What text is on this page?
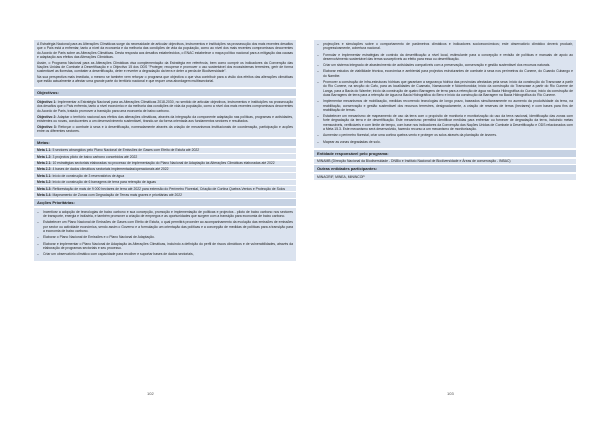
A Estratégia Nacional para as Alterações Climáticas surge da necessidade de articular objectivos, instrumentos e instituições na prossecução dos mais recentes desafios que o País está a enfrentar, tanto a nível da economia e da melhoria das condições de vida da população, como ao nível dos mais recentes compromissos decorrentes do Acordo de Paris sobre as Alterações Climáticas. Desta resposta aos desafios estabelecidos, o ENAC estabelece o mapa político nacional para a mitigação das causas e adaptação aos efeitos das Alterações Climáticas.

Assim, o Programa Nacional para as Alterações Climáticas visa complementação da Estratégia em referência, bem como cumprir os indicadores da Convenção das Nações Unidas de Combate à Desertificação e o Objectivo 15 dos ODS "Proteger, recuperar e promover o uso sustentável dos ecossistemas terrestres, gerir de forma sustentável as florestas, combater a desertificação, deter e reverter a degradação da terra e deter a perda de Biodiversidade".

Na sua perspectiva mais imediata, o mesmo se também vem reforçar o programa que objectiva o que visa contribuir para a visão dos efeitos das alterações climáticas que estão actualmente a afectar uma grande parte do território nacional e que requer uma abordagem multissectorial.

Objectivos:

Objectivo 1: Implementar a Estratégia Nacional para as Alterações Climáticas 2018-2030, no sentido de articular objectivos, instrumentos e instituições na prossecução dos desafios que o País enfrenta, tanto a nível económico e da melhoria das condições de vida da população, como a nível dos mais recentes compromissos decorrentes do Acordo de Paris, tratado promover a transição para uma economia de baixo carbono.

Objectivo 2: Adaptar o território nacional aos efeitos das alterações climáticas, através da integração da componente adaptação nas políticas, programas e actividades, existentes ou novas, conducentes a um desenvolvimento sustentável, tirando-se da forma orientada aos fundamentos sectores e resultados.

Objectivo 3: Reforçar o combate à seca e à desertificação, nomeadamente através da criação de mecanismos institucionais de coordenação, participação e acções entre os diferentes sectores.

Metas:
Meta 1.1: 5 sectores abrangidos pelo Plano Nacional de Emissões de Gases com Efeito de Estufa até 2022
Meta 1.2: 3 projectos piloto de baixo carbono concebidos até 2022
Meta 2.1: 10 estratégias sectoriais elaboradas no processo de implementação do Plano Nacional de Adaptação às Alterações Climáticas elaboradas até 2022
Meta 2.2: 4 bases de dados climáticos sectoriais implementadas/operacionais até 2022
Meta 3.1: Início de construção de 3 reservatórios de água
Meta 3.2: Início de construção de 6 barragens de terra para retenção de águas
Meta 3.3: Reflorestação de mais de 9 000 hectares de terra até 2022 para extensão do Perímetro Florestal, Criação de Cortina Quebra-Ventos e Protecção de Solos
Meta 3.4: Mapeamento de Zonas com Degradação de Terras mais graves e prioritárias até 2022
Acções Prioritárias:
– Incentivar a adopção de tecnologias de baixo carbono e sua concepção, promoção e implementação de políticas e projectos - piloto de baixo carbono nos sectores de transporte, energia e indústria, e também promover a criação de empregos e as oportunidades que surgem com a transição para economia de baixo carbono.
– Estabelecer um Plano Nacional de Emissões de Gases com Efeito de Estufa, o qual permitirá proceder ao acompanhamento da evolução das emissões de emissões por sector ou actividade económica, sendo assim o Governo e a formulação um orientação das políticas e a concepção de medidas de políticas para a transição para a economia de baixo carbono.
– Elaborar o Plano Nacional de Emissões e o Plano Nacional de Adaptação.
– Elaborar e implementar o Plano Nacional de Adaptação às Alterações Climáticas, incluindo a definição do perfil de riscos climáticos e de vulnerabilidades, através da elaboração de programas sectoriais e seu processo.
– Criar um observatório climático com capacidade para recolher e suportar bases de dados sectoriais,
102
– projecções e simulações sobre o comportamento de parâmetros climáticos e indicadores socioeconómicos; este observatório climático deverá produzir, progressivamente, cobertura nacional.
– Formular e implementar estratégias de controlo da desertificação a nível local, estimulante para a concepção e revisão de políticas e manuais de apoio ao desenvolvimento sustentável das terras susceptíveis ao efeito para essa ou desertificação.
– Criar um sistema integrado de abastecimento de actividades compatíveis com a preservação, conservação e gestão sustentável dos recursos naturais.
– Elaborar estudos de viabilidade técnica, económica e ambiental para projectos estruturantes de combate à seca nos perímetros do Cunene, do Cuando Cubango e do Namibe.
– Promover a construção de infra-estruturas hídricas que garantam a segurança hídrica das províncias afectadas pela seca: início da construção do Transvase a partir do Rio Cunene, na secção do Cafu, para as localidades de Cuamato, Namacunde e Ndombondola; início da construção do Transvase a partir do Rio Cunene de Langa, para a Bacia do Wambe; início da construção de quatro Barragens de terra para a retenção de água na Bacia Hidrográfica do Curoca; início da construção de duas Barragens de terra para a retenção de água na Bacia Hidrográfica do Bero e início da construção da Barragem na Bacia Hidrográfica do Rio Cunene.
– Implementar mecanismos de mobilização, medidas recorrendo tecnologias de longo prazo, baseados simultaneamente no aumento da produtividade da terra, na reabilitação, conservação e gestão sustentável dos recursos terrestres, designadamente, a criação de reservas de terras (hectares) e com bases para fins de reabilitação de terras.
– Estabelecer um mecanismo de mapeamento de uso da terra com o propósito de monitoria e monitorização do uso da terra nacional, identificação das zonas com forte degradação da terra e de desertificação. Este mecanismo permitirá identificar medidas para enfrentar ou fornecer de degradação da terra, incluindo metas mensuráveis, verificáveis e com limite de tempo, com base nos indicadores da Convenção das Nações Unidas de Combate à Desertificação e ODS relacionados com a Meta 15.3. Este mecanismo será desenvolvido, fazendo recurso a um mecanismo de monitorização.
– Aumentar o perímetro florestal, criar uma cortina quebra-vento e proteger os solos através da plantação de árvores.
– Mapear as zonas degradadas de solo.
Entidade responsável pelo programa:
MINAMB (Direcção Nacional da Biodiversidade - DNBio e Instituto Nacional de Biodiversidade e Áreas de conservação - INBAC)
Outras entidades participantes:
MINAGRIF, MINEA, MININCOP
103
